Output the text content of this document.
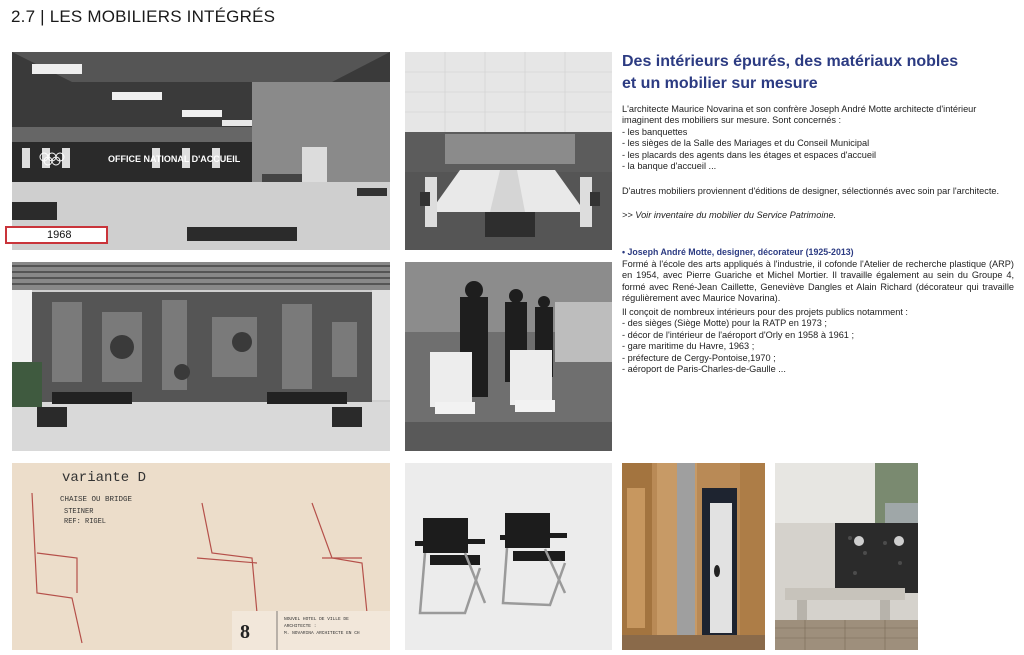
2.7 | LES MOBILIERS INTÉGRÉS
OFFICE NATIONAL D'ACCUEIL
1968
variante D
CHAISE OU BRIDGE
STEINER
REF: RIGEL
8
NOUVEL HOTEL DE VILLE DE
ARCHITECTE :
M. NOVARINA ARCHITECTE EN CH
Des intérieurs épurés, des matériaux nobles
et un mobilier sur mesure
L'architecte Maurice Novarina et son confrère Joseph André Motte architecte d'intérieur
imaginent des mobiliers sur mesure. Sont concernés :
- les banquettes
- les sièges de la Salle des Mariages et du Conseil Municipal
- les placards des agents dans les étages et espaces d'accueil
- la banque d'accueil ...
D'autres mobiliers proviennent d'éditions de designer, sélectionnés avec soin par l'architecte.
>> Voir inventaire du mobilier du Service Patrimoine.
• Joseph André Motte, designer, décorateur (1925-2013)
Formé à l'école des arts appliqués à l'industrie, il cofonde l'Atelier de recherche plastique (ARP) en 1954, avec Pierre Guariche et Michel Mortier. Il travaille également au sein du Groupe 4, formé avec René-Jean Caillette, Geneviève Dangles et Alain Richard (décorateur qui travaille régulièrement avec Maurice Novarina).
Il conçoit de nombreux intérieurs pour des projets publics notamment :
- des sièges (Siège Motte) pour la RATP en 1973 ;
- décor de l'intérieur de l'aéroport d'Orly en 1958 à 1961 ;
- gare maritime du Havre, 1963 ;
- préfecture de Cergy-Pontoise,1970 ;
- aéroport de Paris-Charles-de-Gaulle ...
